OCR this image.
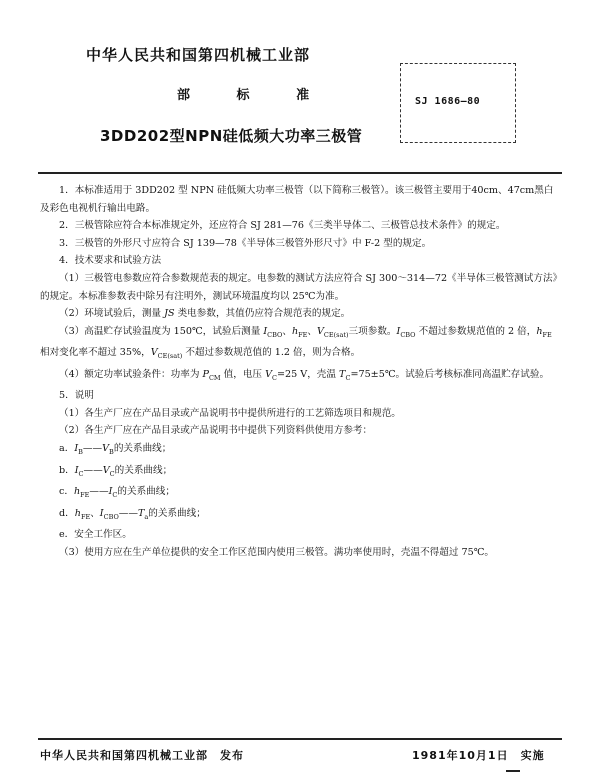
中华人民共和国第四机械工业部
部	标	准
3DD202型NPN硅低频大功率三极管
SJ 1686—80

1．本标准适用于 3DD202 型 NPN 硅低频大功率三极管（以下简称三极管）。该三极管主要用于40cm、47cm黑白及彩色电视机行输出电路。

2．三极管除应符合本标准规定外，还应符合 SJ 281—76《三类半导体二、三极管总技术条件》的规定。

3．三极管的外形尺寸应符合 SJ 139—78《半导体三极管外形尺寸》中 F-2 型的规定。

4．技术要求和试验方法

（1）三极管电参数应符合参数规范表的规定。电参数的测试方法应符合 SJ 300～314—72《半导体三极管测试方法》的规定。本标准参数表中除另有注明外，测试环境温度均以 25℃为准。

（2）环境试验后，测量 JS 类电参数，其值仍应符合规范表的规定。

（3）高温贮存试验温度为 150℃，试验后测量 $I_{CBO}$、$h_{FE}$、$V_{CE(sat)}$三项参数。$I_{CBO}$ 不超过参数规范值的 2 倍，$h_{FE}$ 相对变化率不超过 35%，$V_{CE(sat)}$ 不超过参数规范值的 1.2 倍，则为合格。

（4）额定功率试验条件：功率为 $P_{CM}$ 值，电压 $V_C=25$ V，壳温 $T_C=75\pm 5℃$。试验后考核标准同高温贮存试验。

5．说明

（1）各生产厂应在产品目录或产品说明书中提供所进行的工艺筛选项目和规范。

（2）各生产厂应在产品目录或产品说明书中提供下列资料供使用方参考：

a．$I_B——V_B$的关系曲线；

b．$I_C——V_C$的关系曲线；

c．$h_{FE}——I_C$的关系曲线；

d．$h_{FE}$、$I_{CBO}——T_a$的关系曲线；

e．安全工作区。

（3）使用方应在生产单位提供的安全工作区范围内使用三极管。满功率使用时，壳温不得超过 75℃。

中华人民共和国第四机械工业部　发布	1981年10月1日　实施
